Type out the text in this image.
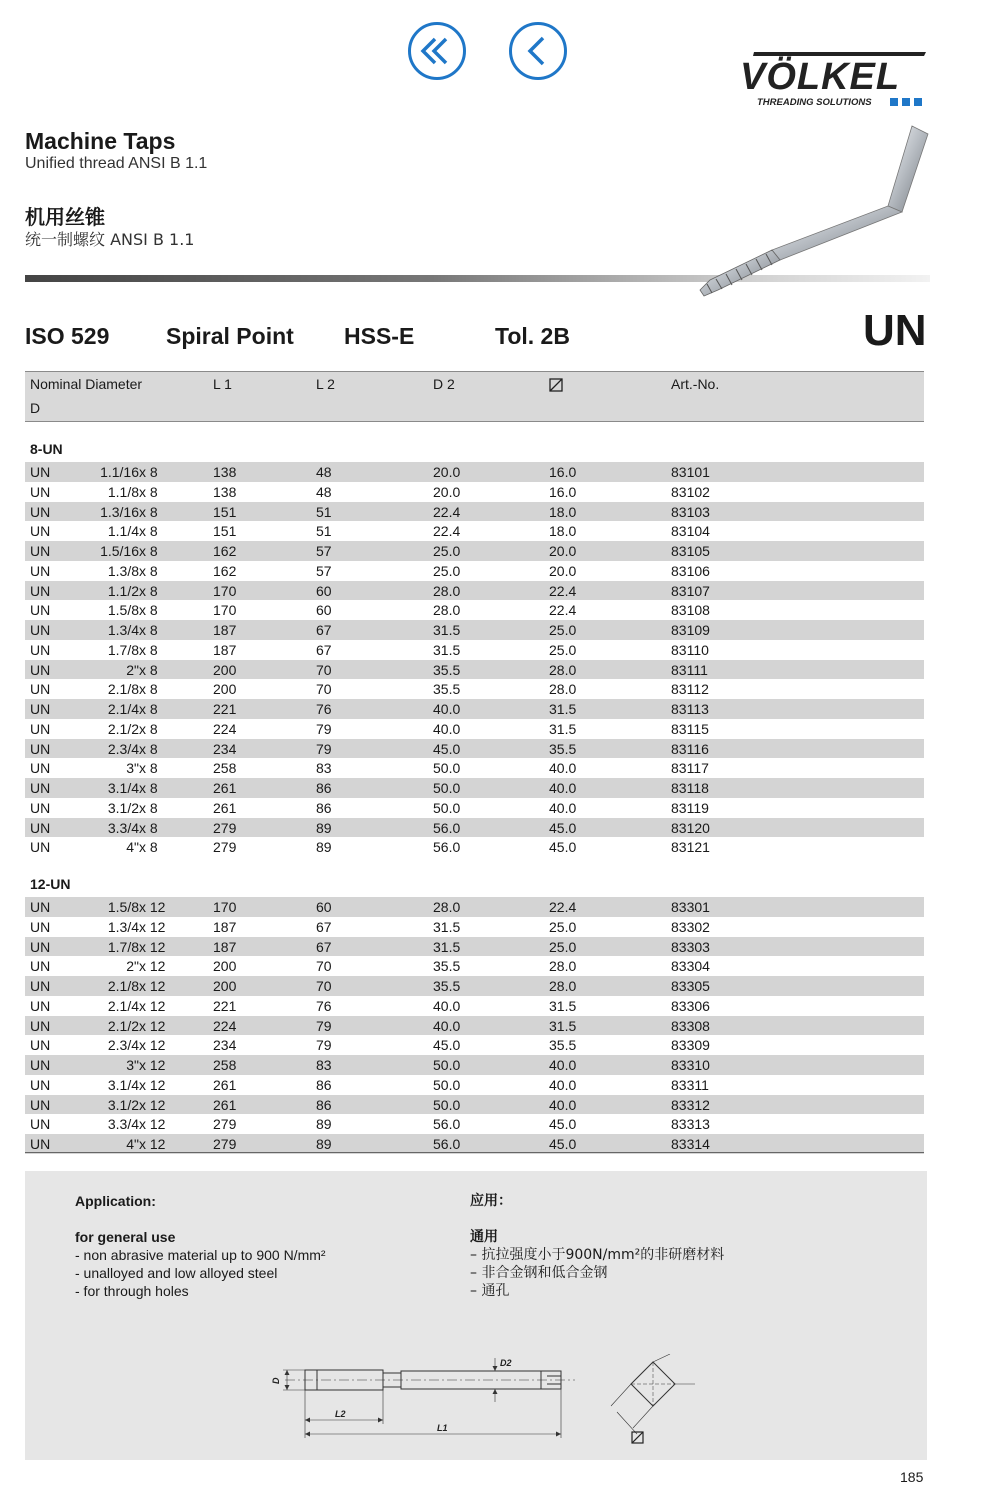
VÖLKEL
THREADING SOLUTIONS
Machine Taps
Unified thread ANSI B 1.1
机用丝锥
统一制螺纹 ANSI B 1.1
ISO 529 Spiral Point HSS-E	Tol. 2B	UN
Nominal Diameter
D
L 1	L 2	D 2	Art.-No.
8-UN
UN	1.1/16 x 8	138	48	20.0	16.0	83101
UN	1.1/8 x 8	138	48	20.0	16.0	83102
UN	1.3/16 x 8	151	51	22.4	18.0	83103
UN	1.1/4 x 8	151	51	22.4	18.0	83104
UN	1.5/16 x 8	162	57	25.0	20.0	83105
UN	1.3/8 x 8	162	57	25.0	20.0	83106
UN	1.1/2 x 8	170	60	28.0	22.4	83107
UN	1.5/8 x 8	170	60	28.0	22.4	83108
UN	1.3/4 x 8	187	67	31.5	25.0	83109
UN	1.7/8 x 8	187	67	31.5	25.0	83110
UN	2" x 8	200	70	35.5	28.0	83111
UN	2.1/8 x 8	200	70	35.5	28.0	83112
UN	2.1/4 x 8	221	76	40.0	31.5	83113
UN	2.1/2 x 8	224	79	40.0	31.5	83115
UN	2.3/4 x 8	234	79	45.0	35.5	83116
UN	3" x 8	258	83	50.0	40.0	83117
UN	3.1/4 x 8	261	86	50.0	40.0	83118
UN	3.1/2 x 8	261	86	50.0	40.0	83119
UN	3.3/4 x 8	279	89	56.0	45.0	83120
UN	4" x 8	279	89	56.0	45.0	83121
12-UN
UN	1.5/8 x 12	170	60	28.0	22.4	83301
UN	1.3/4 x 12	187	67	31.5	25.0	83302
UN	1.7/8 x 12	187	67	31.5	25.0	83303
UN	2" x 12	200	70	35.5	28.0	83304
UN	2.1/8 x 12	200	70	35.5	28.0	83305
UN	2.1/4 x 12	221	76	40.0	31.5	83306
UN	2.1/2 x 12	224	79	40.0	31.5	83308
UN	2.3/4 x 12	234	79	45.0	35.5	83309
UN	3" x 12	258	83	50.0	40.0	83310
UN	3.1/4 x 12	261	86	50.0	40.0	83311
UN	3.1/2 x 12	261	86	50.0	40.0	83312
UN	3.3/4 x 12	279	89	56.0	45.0	83313
UN	4" x 12	279	89	56.0	45.0	83314
Application:
for general use
- non abrasive material up to 900 N/mm²
- unalloyed and low alloyed steel
- for through holes
应用：
通用
– 抗拉强度小于900N/mm²的非研磨材料
– 非合金钢和低合金钢
– 通孔
D
D2
L2
L1
185
